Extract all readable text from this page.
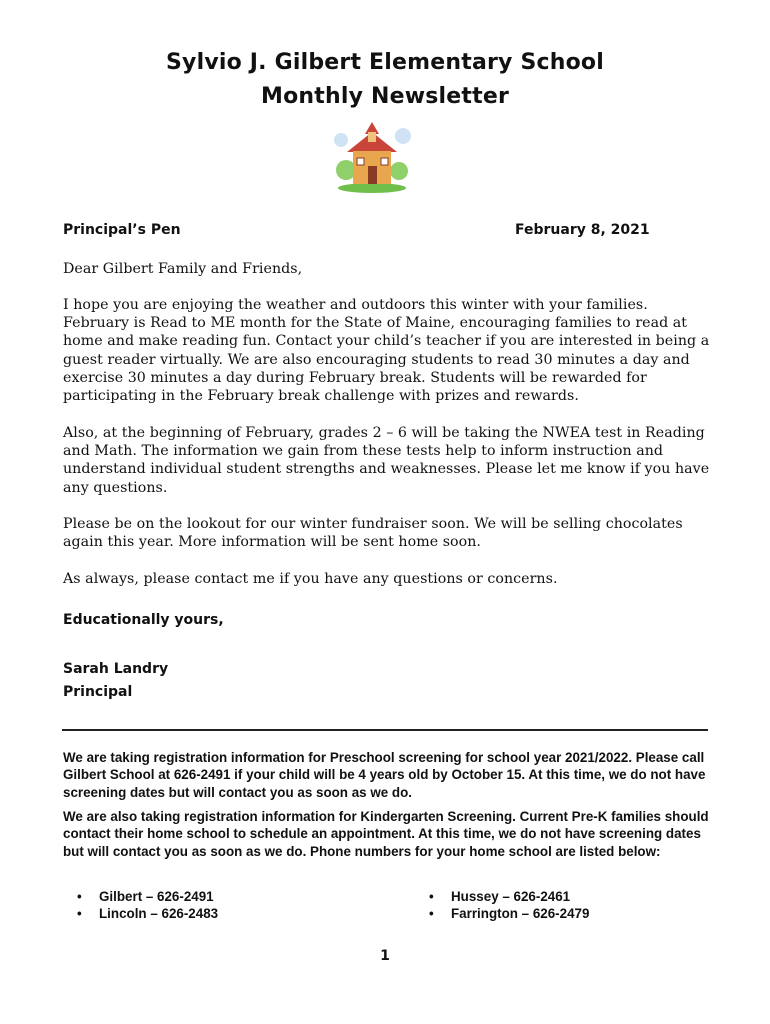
Sylvio J. Gilbert Elementary School
Monthly Newsletter
Principal’s Pen	February 8, 2021
Dear Gilbert Family and Friends,
I hope you are enjoying the weather and outdoors this winter with your families. February is Read to ME month for the State of Maine, encouraging families to read at home and make reading fun. Contact your child’s teacher if you are interested in being a guest reader virtually. We are also encouraging students to read 30 minutes a day and exercise 30 minutes a day during February break. Students will be rewarded for participating in the February break challenge with prizes and rewards.
Also, at the beginning of February, grades 2 – 6 will be taking the NWEA test in Reading and Math. The information we gain from these tests help to inform instruction and understand individual student strengths and weaknesses. Please let me know if you have any questions.
Please be on the lookout for our winter fundraiser soon. We will be selling chocolates again this year. More information will be sent home soon.
As always, please contact me if you have any questions or concerns.
Educationally yours,
Sarah Landry
Principal
We are taking registration information for Preschool screening for school year 2021/2022. Please call Gilbert School at 626-2491 if your child will be 4 years old by October 15. At this time, we do not have screening dates but will contact you as soon as we do.
We are also taking registration information for Kindergarten Screening. Current Pre-K families should contact their home school to schedule an appointment. At this time, we do not have screening dates but will contact you as soon as we do. Phone numbers for your home school are listed below:
• Gilbert – 626-2491
• Lincoln – 626-2483
• Hussey – 626-2461
• Farrington – 626-2479
1
